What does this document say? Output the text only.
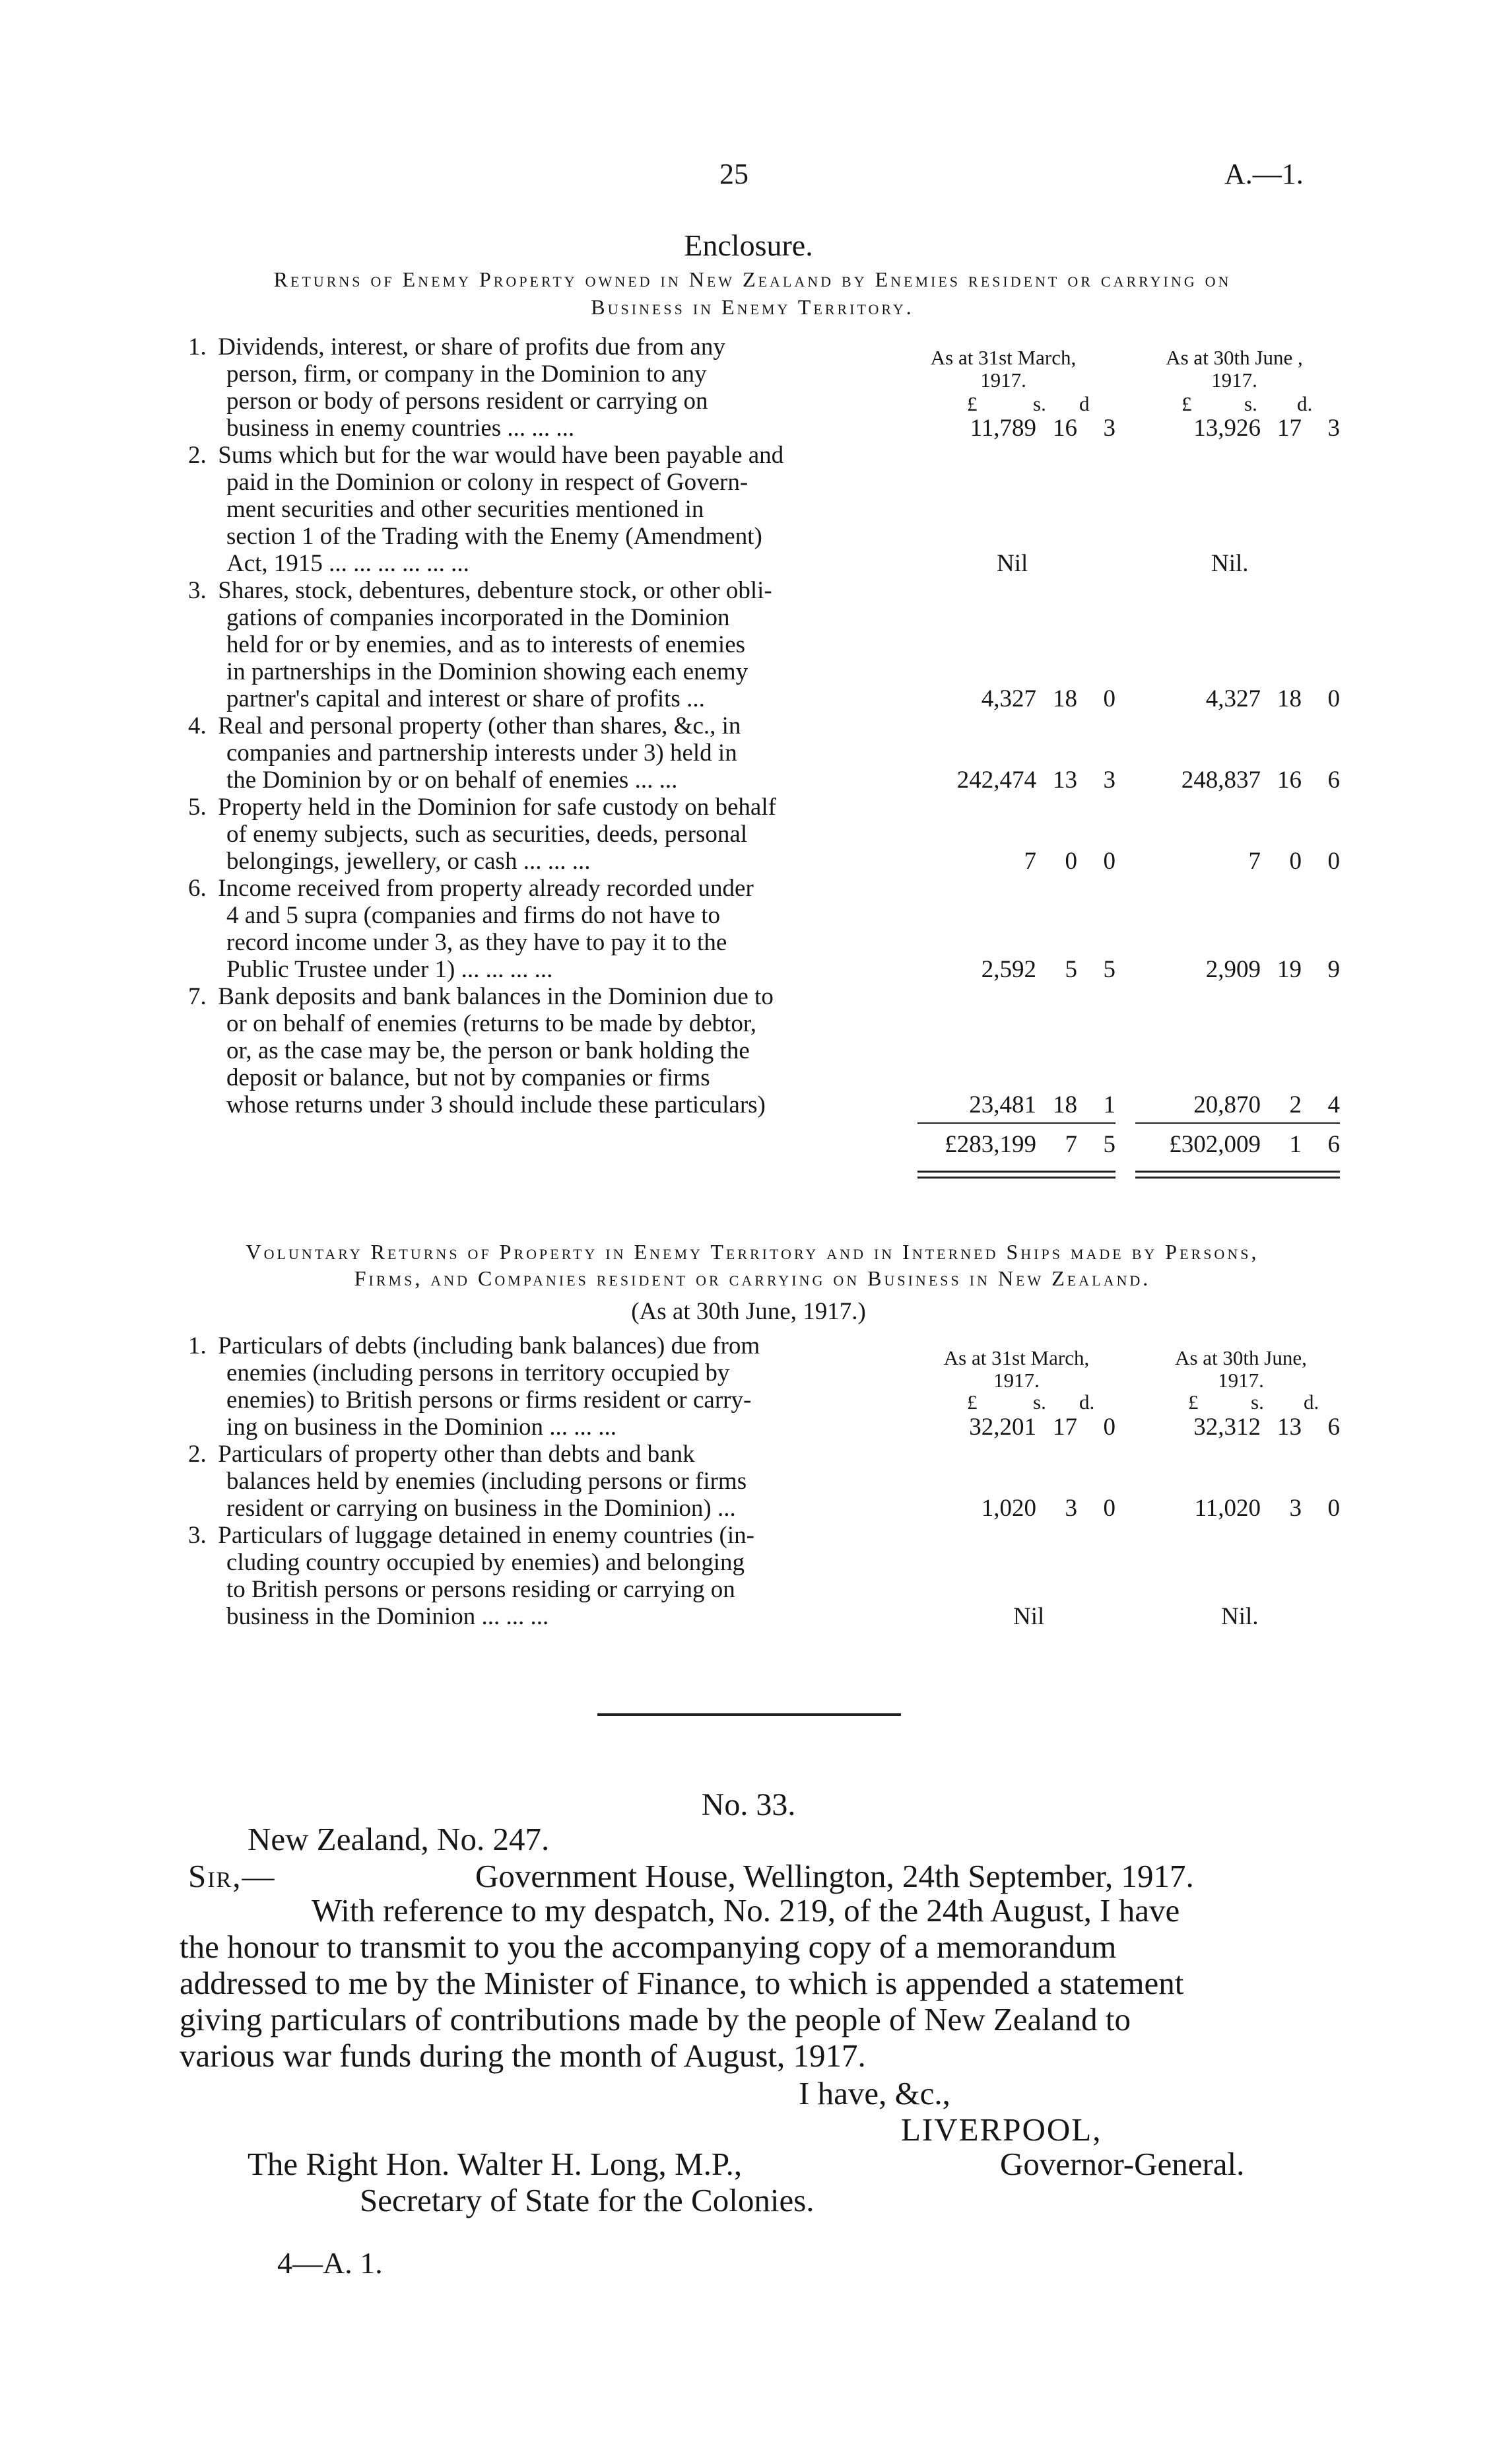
25	A.—1.
Enclosure.
Returns of Enemy Property owned in New Zealand by Enemies resident or carrying on
Business in Enemy Territory.
As at 31st March,
1917.
As at 30th June ,
1917.
£	s. d	£	s. d.
1. Dividends, interest, or share of profits due from any
person, firm, or company in the Dominion to any
person or body of persons resident or carrying on
business in enemy countries ... ... ...	11,789 16 3	13,926 17 3
2. Sums which but for the war would have been payable and
paid in the Dominion or colony in respect of Govern-
ment securities and other securities mentioned in
section 1 of the Trading with the Enemy (Amendment)
Act, 1915 ... ... ... ... ... ...	Nil	Nil.
3. Shares, stock, debentures, debenture stock, or other obli-
gations of companies incorporated in the Dominion
held for or by enemies, and as to interests of enemies
in partnerships in the Dominion showing each enemy
partner's capital and interest or share of profits ...	4,327 18 0	4,327 18 0
4. Real and personal property (other than shares, &c., in
companies and partnership interests under 3) held in
the Dominion by or on behalf of enemies ... ...	242,474 13 3	248,837 16 6
5. Property held in the Dominion for safe custody on behalf
of enemy subjects, such as securities, deeds, personal
belongings, jewellery, or cash ... ... ...	7 0 0	7 0 0
6. Income received from property already recorded under
4 and 5 supra (companies and firms do not have to
record income under 3, as they have to pay it to the
Public Trustee under 1) ... ... ... ...	2,592 5 5	2,909 19 9
7. Bank deposits and bank balances in the Dominion due to
or on behalf of enemies (returns to be made by debtor,
or, as the case may be, the person or bank holding the
deposit or balance, but not by companies or firms
whose returns under 3 should include these particulars)	23,481 18 1	20,870 2 4
£283,199 7 5 £302,009 1 6
Voluntary Returns of Property in Enemy Territory and in Interned Ships made by Persons,
Firms, and Companies resident or carrying on Business in New Zealand.
(As at 30th June, 1917.)
As at 31st March,
1917.
As at 30th June,
1917.
£	s. d.	£	s. d.
1. Particulars of debts (including bank balances) due from
enemies (including persons in territory occupied by
enemies) to British persons or firms resident or carry-
ing on business in the Dominion ... ... ...	32,201 17 0	32,312 13 6
2. Particulars of property other than debts and bank
balances held by enemies (including persons or firms
resident or carrying on business in the Dominion) ...	1,020 3 0	11,020 3 0
3. Particulars of luggage detained in enemy countries (in-
cluding country occupied by enemies) and belonging
to British persons or persons residing or carrying on
business in the Dominion ... ... ...	Nil	Nil.
No. 33.
New Zealand, No. 247.
Sir,—	Government House, Wellington, 24th September, 1917.
With reference to my despatch, No. 219, of the 24th August, I have
the honour to transmit to you the accompanying copy of a memorandum
addressed to me by the Minister of Finance, to which is appended a statement
giving particulars of contributions made by the people of New Zealand to
various war funds during the month of August, 1917.
I have, &c.,
LIVERPOOL,
The Right Hon. Walter H. Long, M.P.,	Governor-General.
Secretary of State for the Colonies.
4—A. 1.
